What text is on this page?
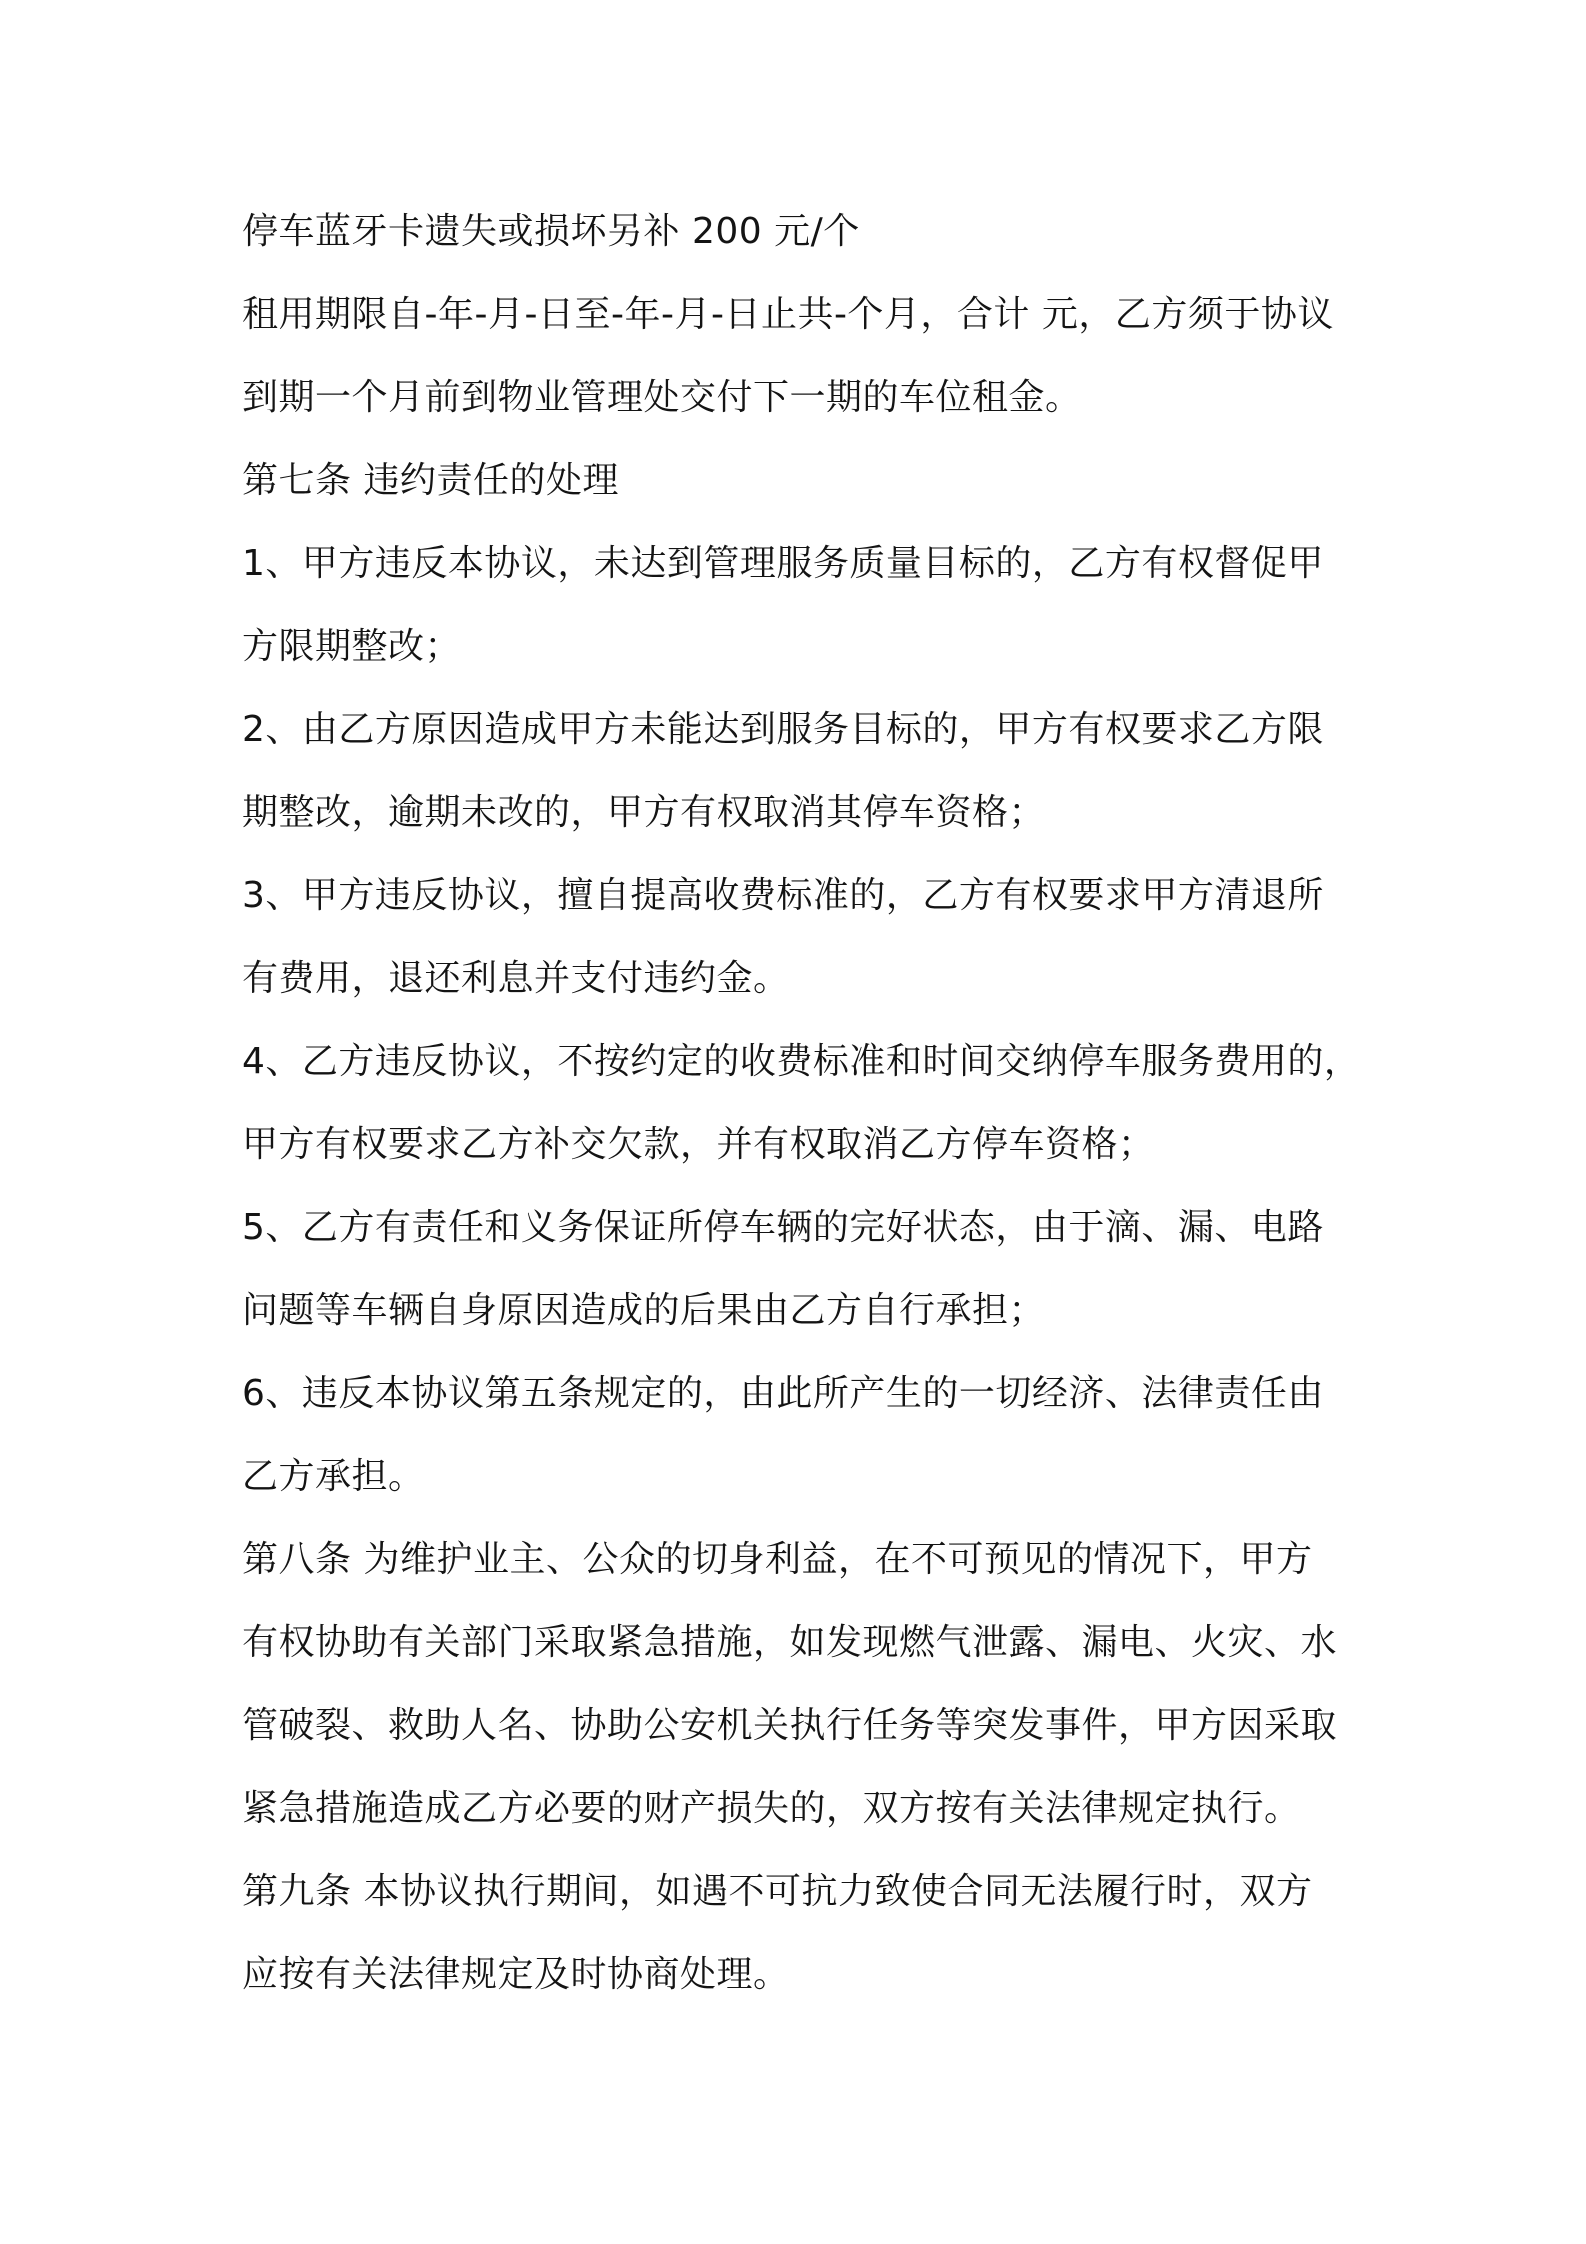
停车蓝牙卡遗失或损坏另补 200 元/个
租用期限自-年-月-日至-年-月-日止共-个月，合计 元，乙方须于协议
到期一个月前到物业管理处交付下一期的车位租金。
第七条 违约责任的处理
1、甲方违反本协议，未达到管理服务质量目标的，乙方有权督促甲
方限期整改；
2、由乙方原因造成甲方未能达到服务目标的，甲方有权要求乙方限
期整改，逾期未改的，甲方有权取消其停车资格；
3、甲方违反协议，擅自提高收费标准的，乙方有权要求甲方清退所
有费用，退还利息并支付违约金。
4、乙方违反协议，不按约定的收费标准和时间交纳停车服务费用的，
甲方有权要求乙方补交欠款，并有权取消乙方停车资格；
5、乙方有责任和义务保证所停车辆的完好状态，由于滴、漏、电路
问题等车辆自身原因造成的后果由乙方自行承担；
6、违反本协议第五条规定的，由此所产生的一切经济、法律责任由
乙方承担。
第八条 为维护业主、公众的切身利益，在不可预见的情况下，甲方
有权协助有关部门采取紧急措施，如发现燃气泄露、漏电、火灾、水
管破裂、救助人名、协助公安机关执行任务等突发事件，甲方因采取
紧急措施造成乙方必要的财产损失的，双方按有关法律规定执行。
第九条 本协议执行期间，如遇不可抗力致使合同无法履行时，双方
应按有关法律规定及时协商处理。
